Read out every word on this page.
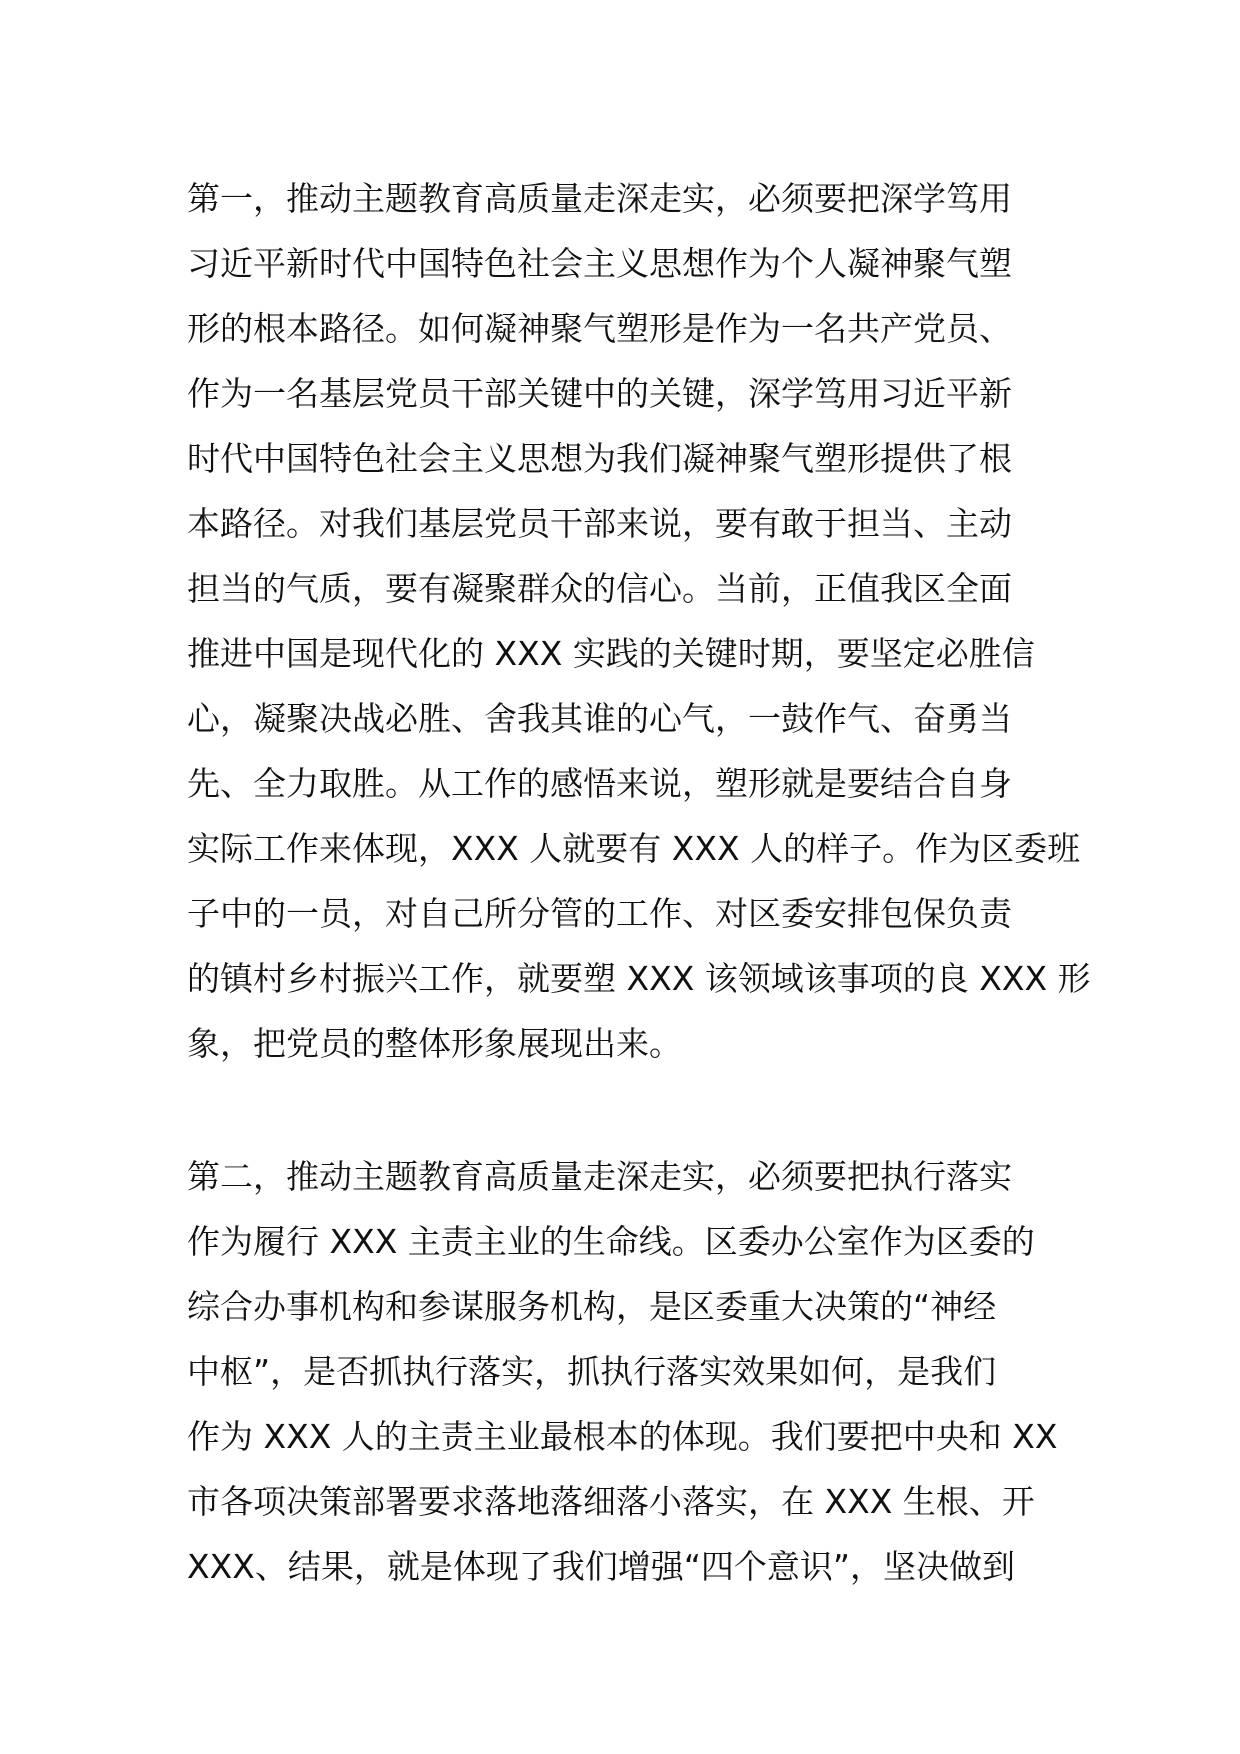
第一，推动主题教育高质量走深走实，必须要把深学笃用
习近平新时代中国特色社会主义思想作为个人凝神聚气塑
形的根本路径。如何凝神聚气塑形是作为一名共产党员、
作为一名基层党员干部关键中的关键，深学笃用习近平新
时代中国特色社会主义思想为我们凝神聚气塑形提供了根
本路径。对我们基层党员干部来说，要有敢于担当、主动
担当的气质，要有凝聚群众的信心。当前，正值我区全面
推进中国是现代化的 XXX 实践的关键时期，要坚定必胜信
心，凝聚决战必胜、舍我其谁的心气，一鼓作气、奋勇当
先、全力取胜。从工作的感悟来说，塑形就是要结合自身
实际工作来体现，XXX 人就要有 XXX 人的样子。作为区委班
子中的一员，对自己所分管的工作、对区委安排包保负责
的镇村乡村振兴工作，就要塑 XXX 该领域该事项的良 XXX 形
象，把党员的整体形象展现出来。
第二，推动主题教育高质量走深走实，必须要把执行落实
作为履行 XXX 主责主业的生命线。区委办公室作为区委的
综合办事机构和参谋服务机构，是区委重大决策的“神经
中枢”，是否抓执行落实，抓执行落实效果如何，是我们
作为 XXX 人的主责主业最根本的体现。我们要把中央和 XX
市各项决策部署要求落地落细落小落实，在 XXX 生根、开
XXX、结果，就是体现了我们增强“四个意识”，坚决做到
